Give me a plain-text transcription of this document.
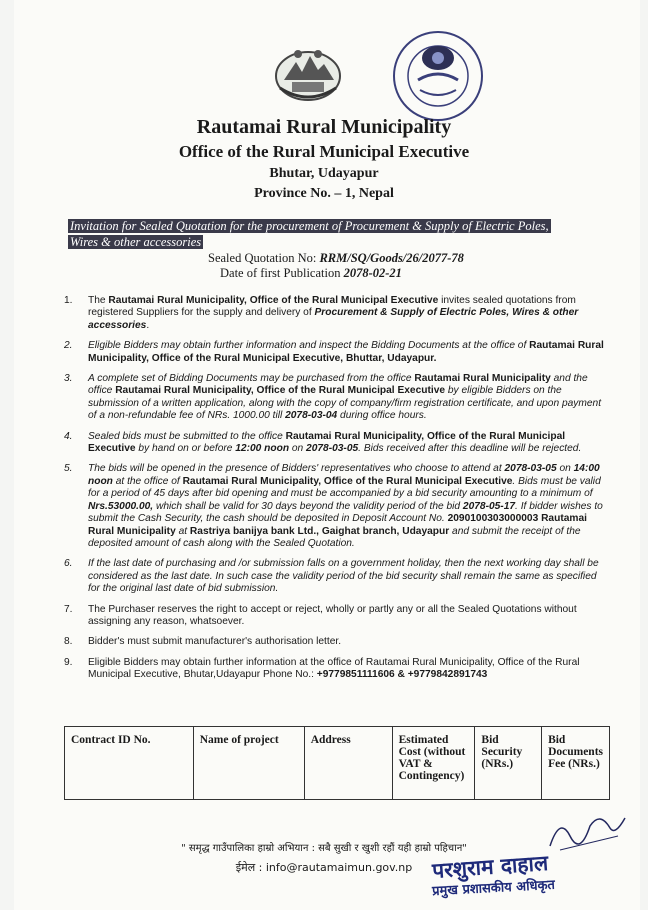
Rautamai Rural Municipality
Office of the Rural Municipal Executive
Bhutar, Udayapur
Province No. – 1, Nepal
Invitation for Sealed Quotation for the procurement of Procurement & Supply of Electric Poles,
Wires & other accessories
Sealed Quotation No: RRM/SQ/Goods/26/2077-78
Date of first Publication 2078-02-21
1. The Rautamai Rural Municipality, Office of the Rural Municipal Executive invites sealed quotations from registered Suppliers for the supply and delivery of Procurement & Supply of Electric Poles, Wires & other accessories.
2. Eligible Bidders may obtain further information and inspect the Bidding Documents at the office of Rautamai Rural Municipality, Office of the Rural Municipal Executive, Bhuttar, Udayapur.
3. A complete set of Bidding Documents may be purchased from the office Rautamai Rural Municipality and the office Rautamai Rural Municipality, Office of the Rural Municipal Executive by eligible Bidders on the submission of a written application, along with the copy of company/firm registration certificate, and upon payment of a non-refundable fee of NRs. 1000.00 till 2078-03-04 during office hours.
4. Sealed bids must be submitted to the office Rautamai Rural Municipality, Office of the Rural Municipal Executive by hand on or before 12:00 noon on 2078-03-05. Bids received after this deadline will be rejected.
5. The bids will be opened in the presence of Bidders' representatives who choose to attend at 2078-03-05 on 14:00 noon at the office of Rautamai Rural Municipality, Office of the Rural Municipal Executive. Bids must be valid for a period of 45 days after bid opening and must be accompanied by a bid security amounting to a minimum of Nrs.53000.00, which shall be valid for 30 days beyond the validity period of the bid 2078-05-17. If bidder wishes to submit the Cash Security, the cash should be deposited in Deposit Account No. 2090100303000003 Rautamai Rural Municipality at Rastriya banijya bank Ltd., Gaighat branch, Udayapur and submit the receipt of the deposited amount of cash along with the Sealed Quotation.
6. If the last date of purchasing and /or submission falls on a government holiday, then the next working day shall be considered as the last date. In such case the validity period of the bid security shall remain the same as specified for the original last date of bid submission.
7. The Purchaser reserves the right to accept or reject, wholly or partly any or all the Sealed Quotations without assigning any reason, whatsoever.
8. Bidder's must submit manufacturer's authorisation letter.
9. Eligible Bidders may obtain further information at the office of Rautamai Rural Municipality, Office of the Rural Municipal Executive, Bhutar,Udayapur Phone No.: +9779851111606 & +9779842891743
Contract ID No.	Name of project	Address	Estimated Cost (without VAT & Contingency)	Bid Security (NRs.)	Bid Documents Fee (NRs.)
" समृद्ध गाउँपालिका हाम्रो अभियान : सबै सुखी र खुशी रहौं यही हाम्रो पहिचान"
ईमेल : info@rautamaimun.gov.np परशुराम दाहाल
प्रमुख प्रशासकीय अधिकृत
